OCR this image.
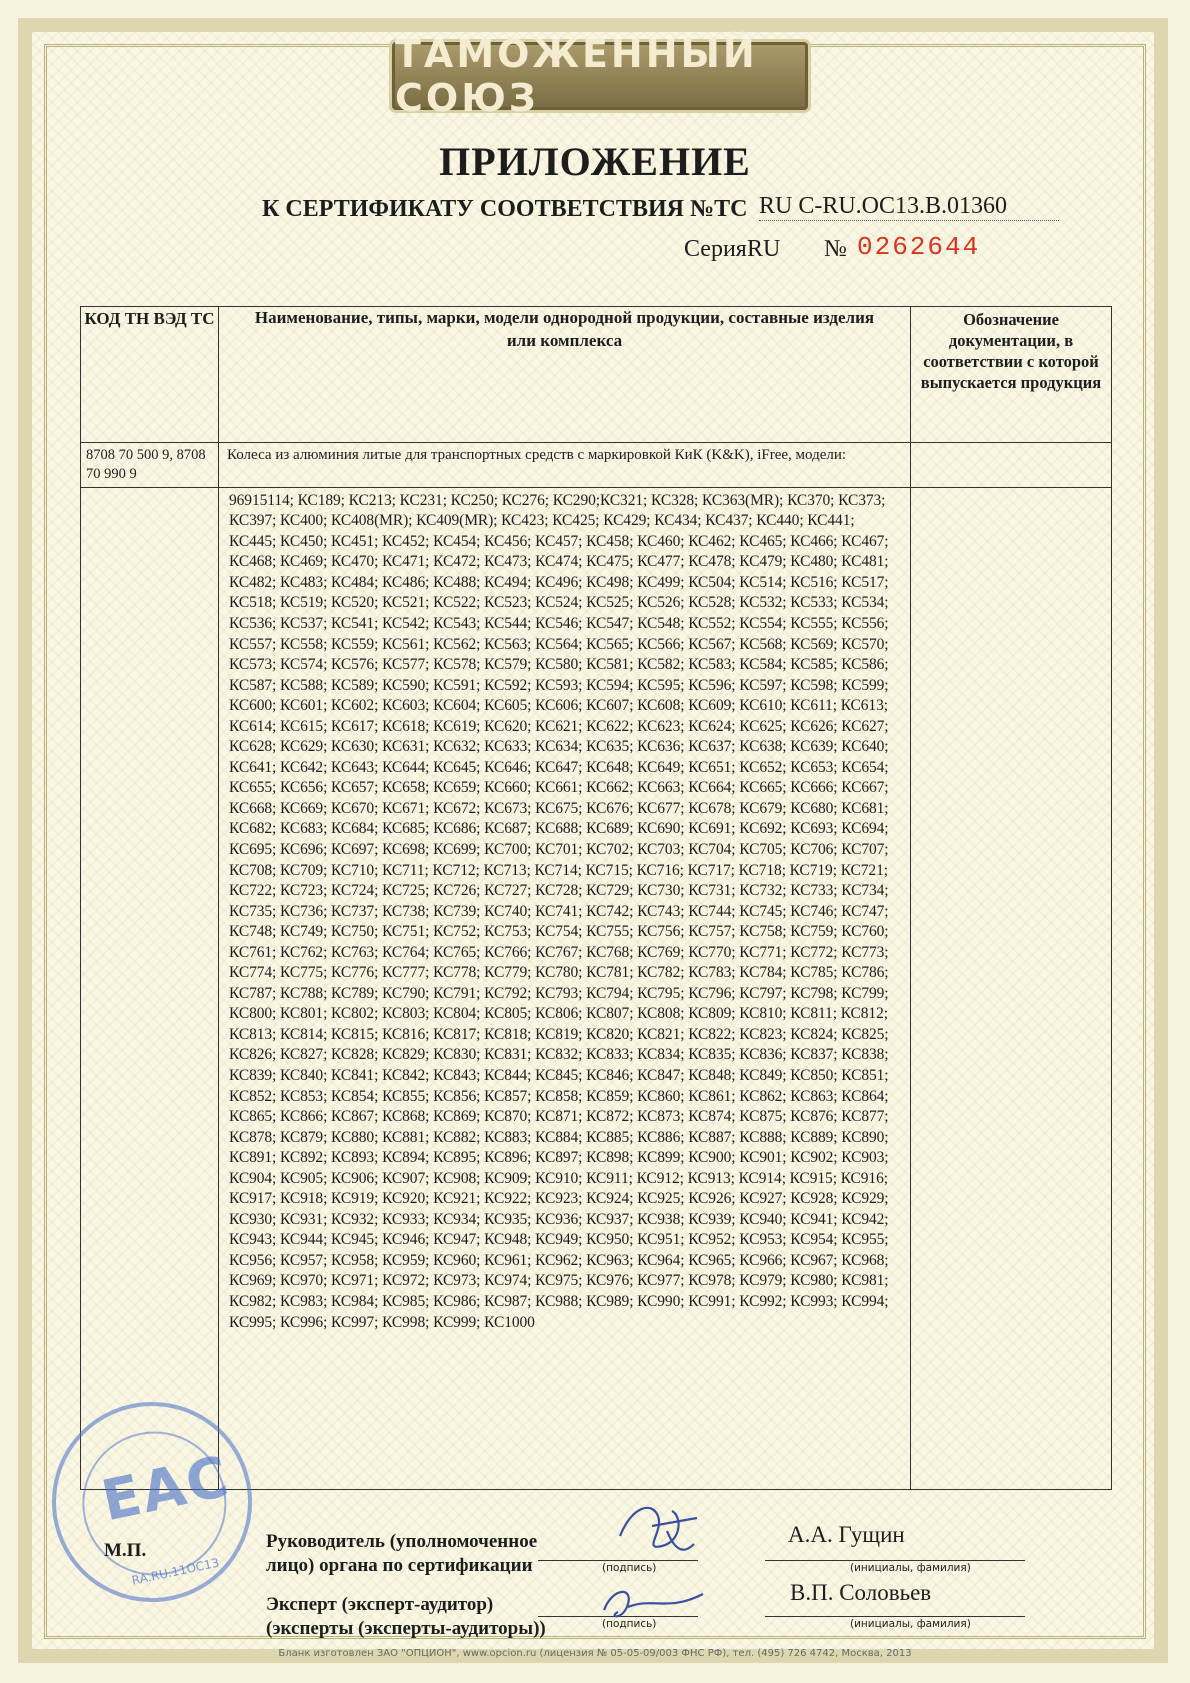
ТАМОЖЕННЫЙ СОЮЗ
ПРИЛОЖЕНИЕ
К СЕРТИФИКАТУ СООТВЕТСТВИЯ №ТС RU C-RU.OC13.B.01360
Серия RU № 0262644
КОД ТН ВЭД ТС	Наименование, типы, марки, модели однородной продукции, составные изделия или комплекса	Обозначение документации, в соответствии с которой выпускается продукция
8708 70 500 9, 8708 70 990 9	Колеса из алюминия литые для транспортных средств с маркировкой КиК (K&K), iFree, модели:	
	96915114; КС189; КС213; КС231; КС250; КС276; КС290;КС321; КС328; КС363(MR); КС370; КС373; КС397; КС400; КС408(MR); КС409(MR); КС423; КС425; КС429; КС434; КС437; КС440; КС441; КС445; КС450; КС451; КС452; КС454; КС456; КС457; КС458; КС460; КС462; КС465; КС466; КС467; КС468; КС469; КС470; КС471; КС472; КС473; КС474; КС475; КС477; КС478; КС479; КС480; КС481; КС482; КС483; КС484; КС486; КС488; КС494; КС496; КС498; КС499; КС504; КС514; КС516; КС517; КС518; КС519; КС520; КС521; КС522; КС523; КС524; КС525; КС526; КС528; КС532; КС533; КС534; КС536; КС537; КС541; КС542; КС543; КС544; КС546; КС547; КС548; КС552; КС554; КС555; КС556; КС557; КС558; КС559; КС561; КС562; КС563; КС564; КС565; КС566; КС567; КС568; КС569; КС570; КС573; КС574; КС576; КС577; КС578; КС579; КС580; КС581; КС582; КС583; КС584; КС585; КС586; КС587; КС588; КС589; КС590; КС591; КС592; КС593; КС594; КС595; КС596; КС597; КС598; КС599; КС600; КС601; КС602; КС603; КС604; КС605; КС606; КС607; КС608; КС609; КС610; КС611; КС613; КС614; КС615; КС617; КС618; КС619; КС620; КС621; КС622; КС623; КС624; КС625; КС626; КС627; КС628; КС629; КС630; КС631; КС632; КС633; КС634; КС635; КС636; КС637; КС638; КС639; КС640; КС641; КС642; КС643; КС644; КС645; КС646; КС647; КС648; КС649; КС651; КС652; КС653; КС654; КС655; КС656; КС657; КС658; КС659; КС660; КС661; КС662; КС663; КС664; КС665; КС666; КС667; КС668; КС669; КС670; КС671; КС672; КС673; КС675; КС676; КС677; КС678; КС679; КС680; КС681; КС682; КС683; КС684; КС685; КС686; КС687; КС688; КС689; КС690; КС691; КС692; КС693; КС694; КС695; КС696; КС697; КС698; КС699; КС700; КС701; КС702; КС703; КС704; КС705; КС706; КС707; КС708; КС709; КС710; КС711; КС712; КС713; КС714; КС715; КС716; КС717; КС718; КС719; КС721; КС722; КС723; КС724; КС725; КС726; КС727; КС728; КС729; КС730; КС731; КС732; КС733; КС734; КС735; КС736; КС737; КС738; КС739; КС740; КС741; КС742; КС743; КС744; КС745; КС746; КС747; КС748; КС749; КС750; КС751; КС752; КС753; КС754; КС755; КС756; КС757; КС758; КС759; КС760; КС761; КС762; КС763; КС764; КС765; КС766; КС767; КС768; КС769; КС770; КС771; КС772; КС773; КС774; КС775; КС776; КС777; КС778; КС779; КС780; КС781; КС782; КС783; КС784; КС785; КС786; КС787; КС788; КС789; КС790; КС791; КС792; КС793; КС794; КС795; КС796; КС797; КС798; КС799; КС800; КС801; КС802; КС803; КС804; КС805; КС806; КС807; КС808; КС809; КС810; КС811; КС812; КС813; КС814; КС815; КС816; КС817; КС818; КС819; КС820; КС821; КС822; КС823; КС824; КС825; КС826; КС827; КС828; КС829; КС830; КС831; КС832; КС833; КС834; КС835; КС836; КС837; КС838; КС839; КС840; КС841; КС842; КС843; КС844; КС845; КС846; КС847; КС848; КС849; КС850; КС851; КС852; КС853; КС854; КС855; КС856; КС857; КС858; КС859; КС860; КС861; КС862; КС863; КС864; КС865; КС866; КС867; КС868; КС869; КС870; КС871; КС872; КС873; КС874; КС875; КС876; КС877; КС878; КС879; КС880; КС881; КС882; КС883; КС884; КС885; КС886; КС887; КС888; КС889; КС890; КС891; КС892; КС893; КС894; КС895; КС896; КС897; КС898; КС899; КС900; КС901; КС902; КС903; КС904; КС905; КС906; КС907; КС908; КС909; КС910; КС911; КС912; КС913; КС914; КС915; КС916; КС917; КС918; КС919; КС920; КС921; КС922; КС923; КС924; КС925; КС926; КС927; КС928; КС929; КС930; КС931; КС932; КС933; КС934; КС935; КС936; КС937; КС938; КС939; КС940; КС941; КС942; КС943; КС944; КС945; КС946; КС947; КС948; КС949; КС950; КС951; КС952; КС953; КС954; КС955; КС956; КС957; КС958; КС959; КС960; КС961; КС962; КС963; КС964; КС965; КС966; КС967; КС968; КС969; КС970; КС971; КС972; КС973; КС974; КС975; КС976; КС977; КС978; КС979; КС980; КС981; КС982; КС983; КС984; КС985; КС986; КС987; КС988; КС989; КС990; КС991; КС992; КС993; КС994; КС995; КС996; КС997; КС998; КС999; КС1000	
EAC
RA.RU.11OC13
М.П.	Руководитель (уполномоченное
лицо) органа по сертификации	(подпись)
А.А. Гущин
(инициалы, фамилия)
Эксперт (эксперт-аудитор)
(эксперты (эксперты-аудиторы))	(подпись)
В.П. Соловьев
(инициалы, фамилия)
Бланк изготовлен ЗАО "ОПЦИОН", www.opcion.ru (лицензия № 05-05-09/003 ФНС РФ), тел. (495) 726 4742, Москва, 2013
